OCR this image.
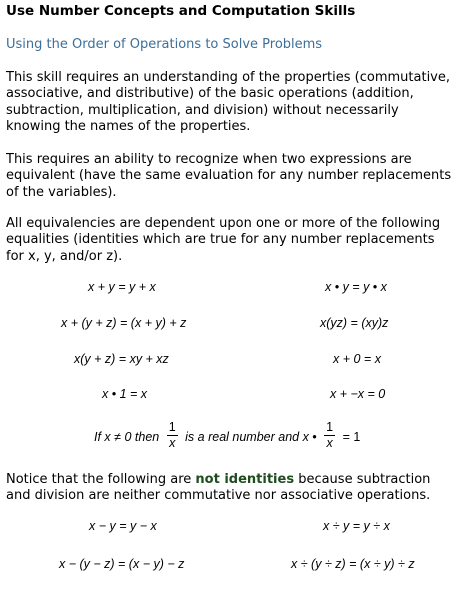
Use Number Concepts and Computation Skills
Using the Order of Operations to Solve Problems
This skill requires an understanding of the properties (commutative, associative, and distributive) of the basic operations (addition, subtraction, multiplication, and division) without necessarily knowing the names of the properties.
This requires an ability to recognize when two expressions are equivalent (have the same evaluation for any number replacements of the variables).
All equivalencies are dependent upon one or more of the following equalities (identities which are true for any number replacements for x, y, and/or z).
x + y = y + x	x • y = y • x
x + (y + z) = (x + y) + z	x(yz) = (xy)z
x(y + z) = xy + xz	x + 0 = x
x • 1 = x	x + −x = 0
If x ≠ 0 then $\frac{1}{x}$ is a real number and x • $\frac{1}{x} = 1$
Notice that the following are not identities because subtraction and division are neither commutative nor associative operations.
x − y = y − x	x ÷ y = y ÷ x
x − (y − z) = (x − y) − z	x ÷ (y ÷ z) = (x ÷ y) ÷ z
